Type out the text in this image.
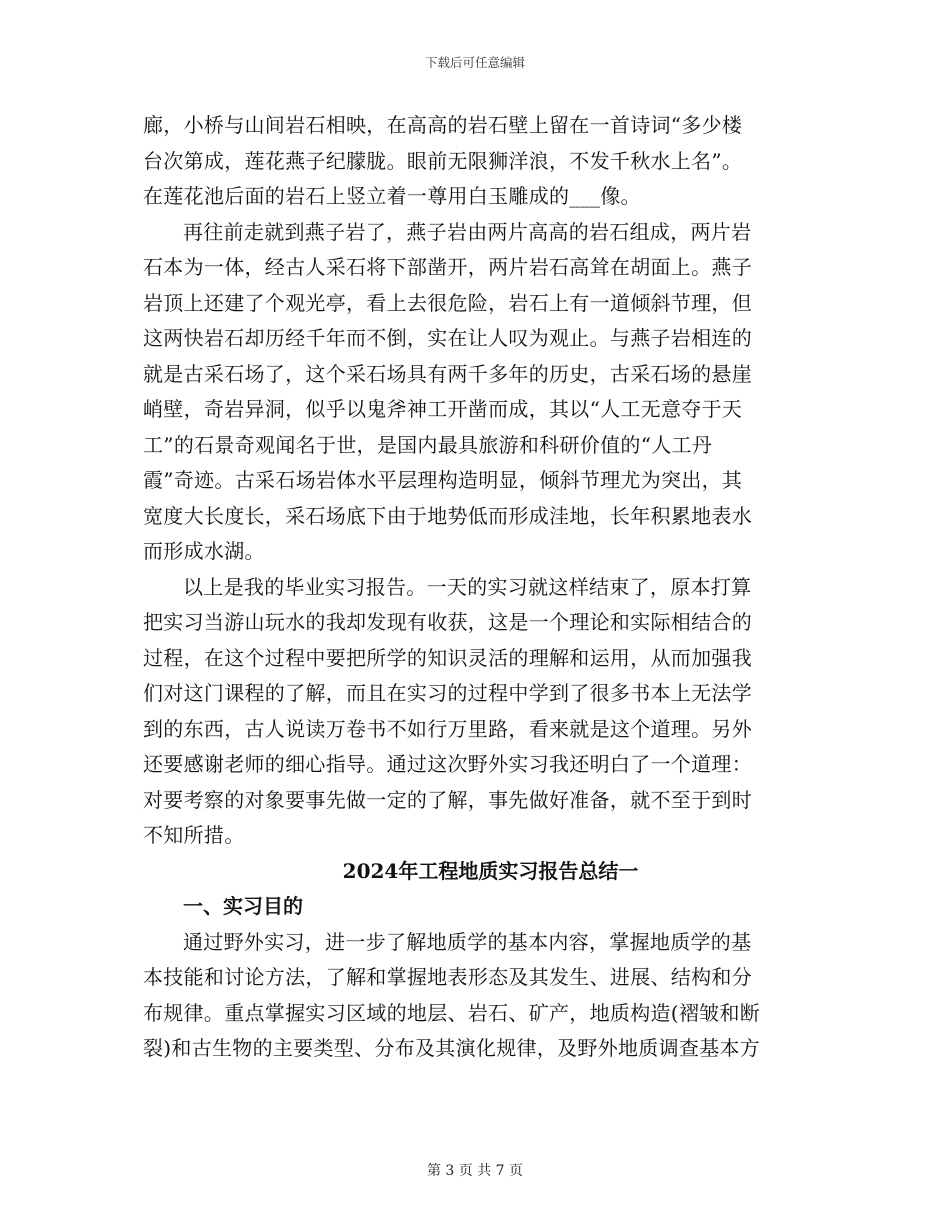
下载后可任意编辑

廊，小桥与山间岩石相映，在高高的岩石壁上留在一首诗词“多少楼
台次第成，莲花燕子纪朦胧。眼前无限狮洋浪，不发千秋水上名”。
在莲花池后面的岩石上竖立着一尊用白玉雕成的___像。

再往前走就到燕子岩了，燕子岩由两片高高的岩石组成，两片岩
石本为一体，经古人采石将下部凿开，两片岩石高耸在胡面上。燕子
岩顶上还建了个观光亭，看上去很危险，岩石上有一道倾斜节理，但
这两快岩石却历经千年而不倒，实在让人叹为观止。与燕子岩相连的
就是古采石场了，这个采石场具有两千多年的历史，古采石场的悬崖
峭壁，奇岩异洞，似乎以鬼斧神工开凿而成，其以“人工无意夺于天
工”的石景奇观闻名于世，是国内最具旅游和科研价值的“人工丹
霞”奇迹。古采石场岩体水平层理构造明显，倾斜节理尤为突出，其
宽度大长度长，采石场底下由于地势低而形成洼地，长年积累地表水
而形成水湖。

以上是我的毕业实习报告。一天的实习就这样结束了，原本打算
把实习当游山玩水的我却发现有收获，这是一个理论和实际相结合的
过程，在这个过程中要把所学的知识灵活的理解和运用，从而加强我
们对这门课程的了解，而且在实习的过程中学到了很多书本上无法学
到的东西，古人说读万卷书不如行万里路，看来就是这个道理。另外
还要感谢老师的细心指导。通过这次野外实习我还明白了一个道理：
对要考察的对象要事先做一定的了解，事先做好准备，就不至于到时
不知所措。

2024年工程地质实习报告总结一
一、实习目的

通过野外实习，进一步了解地质学的基本内容，掌握地质学的基
本技能和讨论方法，了解和掌握地表形态及其发生、进展、结构和分
布规律。重点掌握实习区域的地层、岩石、矿产，地质构造(褶皱和断
裂)和古生物的主要类型、分布及其演化规律，及野外地质调查基本方

第 3 页 共 7 页
